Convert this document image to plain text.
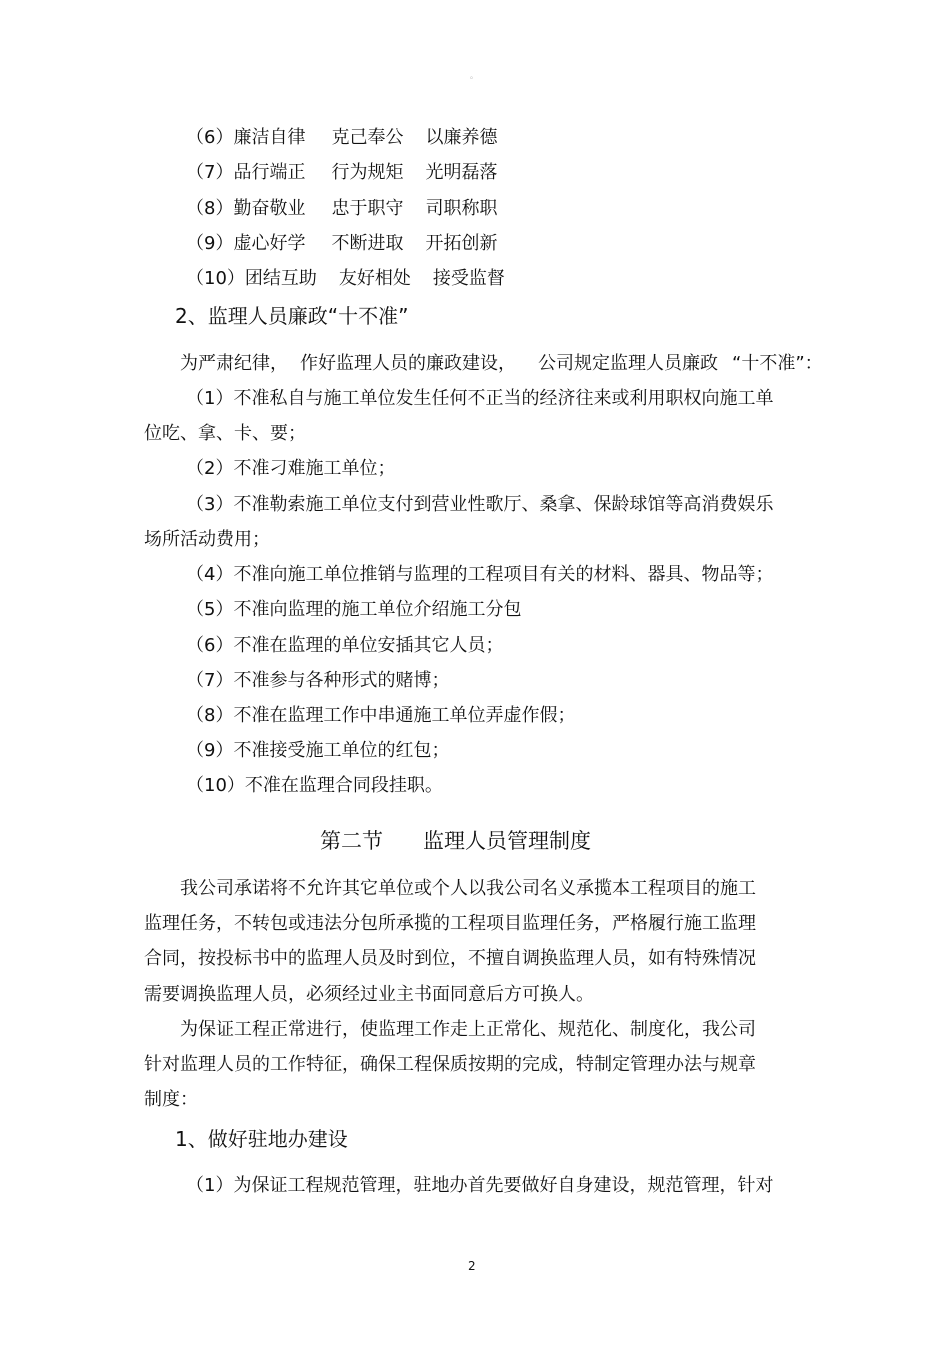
。
（6）廉洁自律 克己奉公 以廉养德
（7）品行端正 行为规矩 光明磊落
（8）勤奋敬业 忠于职守 司职称职
（9）虚心好学 不断进取 开拓创新
（10）团结互助 友好相处 接受监督
2、监理人员廉政“十不准”
为严肃纪律， 作好监理人员的廉政建设， 公司规定监理人员廉政 “十不准”：
（1）不准私自与施工单位发生任何不正当的经济往来或利用职权向施工单
位吃、拿、卡、要；
（2）不准刁难施工单位；
（3）不准勒索施工单位支付到营业性歌厅、桑拿、保龄球馆等高消费娱乐
场所活动费用；
（4）不准向施工单位推销与监理的工程项目有关的材料、器具、物品等；
（5）不准向监理的施工单位介绍施工分包
（6）不准在监理的单位安插其它人员；
（7）不准参与各种形式的赌博；
（8）不准在监理工作中串通施工单位弄虚作假；
（9）不准接受施工单位的红包；
（10）不准在监理合同段挂职。
第二节 监理人员管理制度
我公司承诺将不允许其它单位或个人以我公司名义承揽本工程项目的施工
监理任务，不转包或违法分包所承揽的工程项目监理任务，严格履行施工监理
合同，按投标书中的监理人员及时到位，不擅自调换监理人员，如有特殊情况
需要调换监理人员，必须经过业主书面同意后方可换人。
为保证工程正常进行，使监理工作走上正常化、规范化、制度化，我公司
针对监理人员的工作特征，确保工程保质按期的完成，特制定管理办法与规章
制度：
1、做好驻地办建设
（1）为保证工程规范管理，驻地办首先要做好自身建设，规范管理，针对
2
